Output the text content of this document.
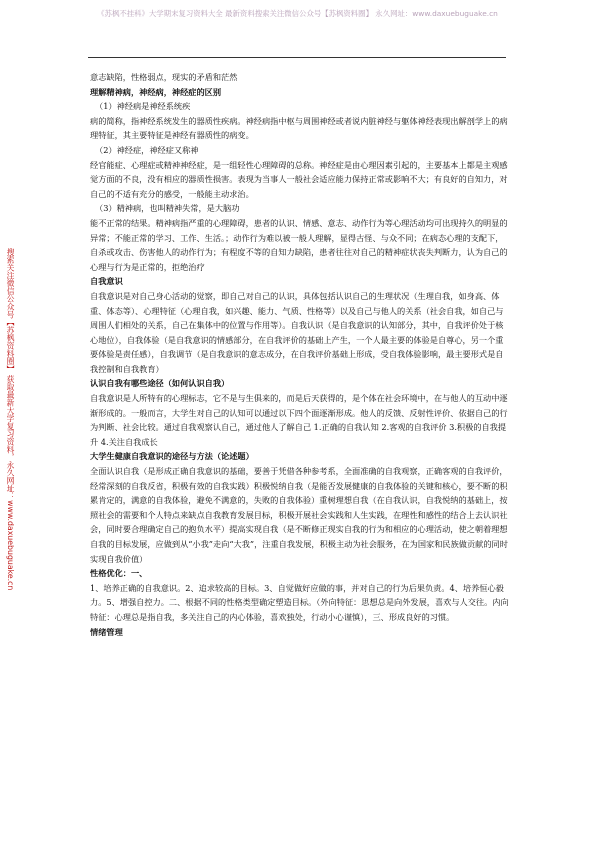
《苏枫不挂科》大学期末复习资料大全 最新资料搜索关注微信公众号【苏枫资料圈】 永久网址：www.daxuebuguake.cn
搜索关注微信公众号【苏枫资料圈】 获取最新大学复习资料，永久网址：www.daxuebuguake.cn

意志缺陷，性格弱点，现实的矛盾和茫然

理解精神病，神经病，神经症的区别

（1）神经病是神经系统疾

病的简称，指神经系统发生的器质性疾病。神经病指中枢与周围神经或者说内脏神经与躯体神经表现出解剖学上的病理特征，其主要特征是神经有器质性的病变。

（2）神经症，神经症又称神

经官能症、心理症或精神神经症，是一组轻性心理障碍的总称。神经症是由心理因素引起的，主要基本上都是主观感觉方面的不良，没有相应的器质性损害。表现为当事人一般社会适应能力保持正常或影响不大；有良好的自知力，对自己的不适有充分的感受，一般能主动求治。

（3）精神病，也叫精神失常，是大脑功

能不正常的结果。精神病指严重的心理障碍，患者的认识、情感、意志、动作行为等心理活动均可出现持久的明显的异常；不能正常的学习、工作、生活。；动作行为难以被一般人理解，显得古怪、与众不同；在病态心理的支配下，自杀或攻击、伤害他人的动作行为；有程度不等的自知力缺陷，患者往往对自己的精神症状丧失判断力，认为自己的心理与行为是正常的，拒绝治疗

自我意识

自我意识是对自己身心活动的觉察，即自己对自己的认识，具体包括认识自己的生理状况（生理自我，如身高、体重、体态等）、心理特征（心理自我，如兴趣、能力、气质、性格等）以及自己与他人的关系（社会自我，如自己与周围人们相处的关系，自己在集体中的位置与作用等）。自我认识（是自我意识的认知部分，其中，自我评价处于核心地位），自我体验（是自我意识的情感部分，在自我评价的基础上产生，一个人最主要的体验是自尊心，另一个重要体验是责任感），自我调节（是自我意识的意志成分，在自我评价基础上形成，受自我体验影响，最主要形式是自我控制和自我教育）

认识自我有哪些途径（如何认识自我）

自我意识是人所特有的心理标志，它不是与生俱来的，而是后天获得的，是个体在社会环境中，在与他人的互动中逐渐形成的。一般而言，大学生对自己的认知可以通过以下四个面逐渐形成。他人的反馈、反射性评价、依据自己的行为判断、社会比较。通过自我观察认自己，通过他人了解自己 1.正确的自我认知 2.客观的自我评价 3.积极的自我提升 4.关注自我成长

大学生健康自我意识的途径与方法（论述题）

全面认识自我（是形成正确自我意识的基础，要善于凭借各种参考系，全面准确的自我观察，正确客观的自我评价，经常深刻的自我反省，积极有效的自我实践）积极悦纳自我（是能否发展健康的自我体验的关键和核心，要不断的积累肯定的，满意的自我体验，避免不满意的，失败的自我体验）重树理想自我（在自我认识，自我悦纳的基础上，按照社会的需要和个人特点来缺点自我教育发展目标，积极开展社会实践和人生实践，在理性和感性的结合上去认识社会，同时要合理确定自己的抱负水平）提高实现自我（是不断修正现实自我的行为和相应的心理活动，使之朝着理想自我的目标发展，应做到从“小我”走向“大我”，注重自我发展，积极主动为社会服务，在为国家和民族做贡献的同时实现自我价值）

性格优化：一、

1、培养正确的自我意识。2、追求较高的目标。3、自觉做好应做的事，并对自己的行为后果负责。4、培养恒心毅力。5、增强自控力。二、根据不同的性格类型确定塑造目标。（外向特征：思想总是向外发展，喜欢与人交往。内向特征：心理总是指自我，多关注自己的内心体验，喜欢独处，行动小心谨慎），三、形成良好的习惯。

情绪管理
